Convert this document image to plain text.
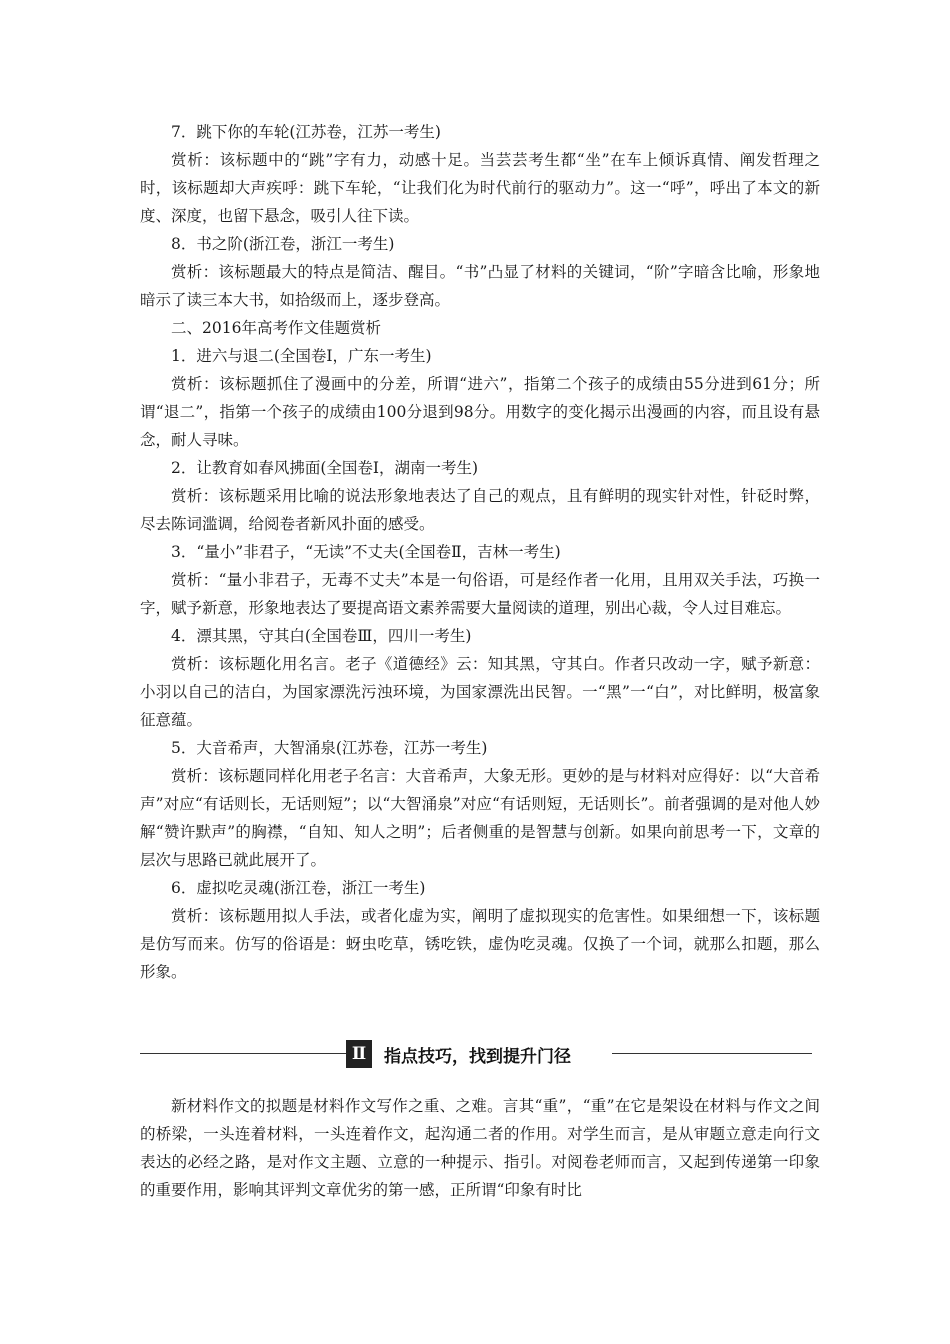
7．跳下你的车轮(江苏卷，江苏一考生)

赏析：该标题中的“跳”字有力，动感十足。当芸芸考生都“坐”在车上倾诉真情、阐发哲理之时，该标题却大声疾呼：跳下车轮，“让我们化为时代前行的驱动力”。这一“呼”，呼出了本文的新度、深度，也留下悬念，吸引人往下读。

8．书之阶(浙江卷，浙江一考生)

赏析：该标题最大的特点是简洁、醒目。“书”凸显了材料的关键词，“阶”字暗含比喻，形象地暗示了读三本大书，如拾级而上，逐步登高。

二、2016年高考作文佳题赏析

1．进六与退二(全国卷Ⅰ，广东一考生)

赏析：该标题抓住了漫画中的分差，所谓“进六”，指第二个孩子的成绩由55分进到61分；所谓“退二”，指第一个孩子的成绩由100分退到98分。用数字的变化揭示出漫画的内容，而且设有悬念，耐人寻味。

2．让教育如春风拂面(全国卷Ⅰ，湖南一考生)

赏析：该标题采用比喻的说法形象地表达了自己的观点，且有鲜明的现实针对性，针砭时弊，尽去陈词滥调，给阅卷者新风扑面的感受。

3．“量小”非君子，“无读”不丈夫(全国卷Ⅱ，吉林一考生)

赏析：“量小非君子，无毒不丈夫”本是一句俗语，可是经作者一化用，且用双关手法，巧换一字，赋予新意，形象地表达了要提高语文素养需要大量阅读的道理，别出心裁，令人过目难忘。

4．漂其黑，守其白(全国卷Ⅲ，四川一考生)

赏析：该标题化用名言。老子《道德经》云：知其黑，守其白。作者只改动一字，赋予新意：小羽以自己的洁白，为国家漂洗污浊环境，为国家漂洗出民智。一“黑”一“白”，对比鲜明，极富象征意蕴。

5．大音希声，大智涌泉(江苏卷，江苏一考生)

赏析：该标题同样化用老子名言：大音希声，大象无形。更妙的是与材料对应得好：以“大音希声”对应“有话则长，无话则短”；以“大智涌泉”对应“有话则短，无话则长”。前者强调的是对他人妙解“赞许默声”的胸襟，“自知、知人之明”；后者侧重的是智慧与创新。如果向前思考一下，文章的层次与思路已就此展开了。

6．虚拟吃灵魂(浙江卷，浙江一考生)

赏析：该标题用拟人手法，或者化虚为实，阐明了虚拟现实的危害性。如果细想一下，该标题是仿写而来。仿写的俗语是：蚜虫吃草，锈吃铁，虚伪吃灵魂。仅换了一个词，就那么扣题，那么形象。

Ⅱ	指点技巧，找到提升门径

新材料作文的拟题是材料作文写作之重、之难。言其“重”，“重”在它是架设在材料与作文之间的桥梁，一头连着材料，一头连着作文，起沟通二者的作用。对学生而言，是从审题立意走向行文表达的必经之路，是对作文主题、立意的一种提示、指引。对阅卷老师而言，又起到传递第一印象的重要作用，影响其评判文章优劣的第一感，正所谓“印象有时比
